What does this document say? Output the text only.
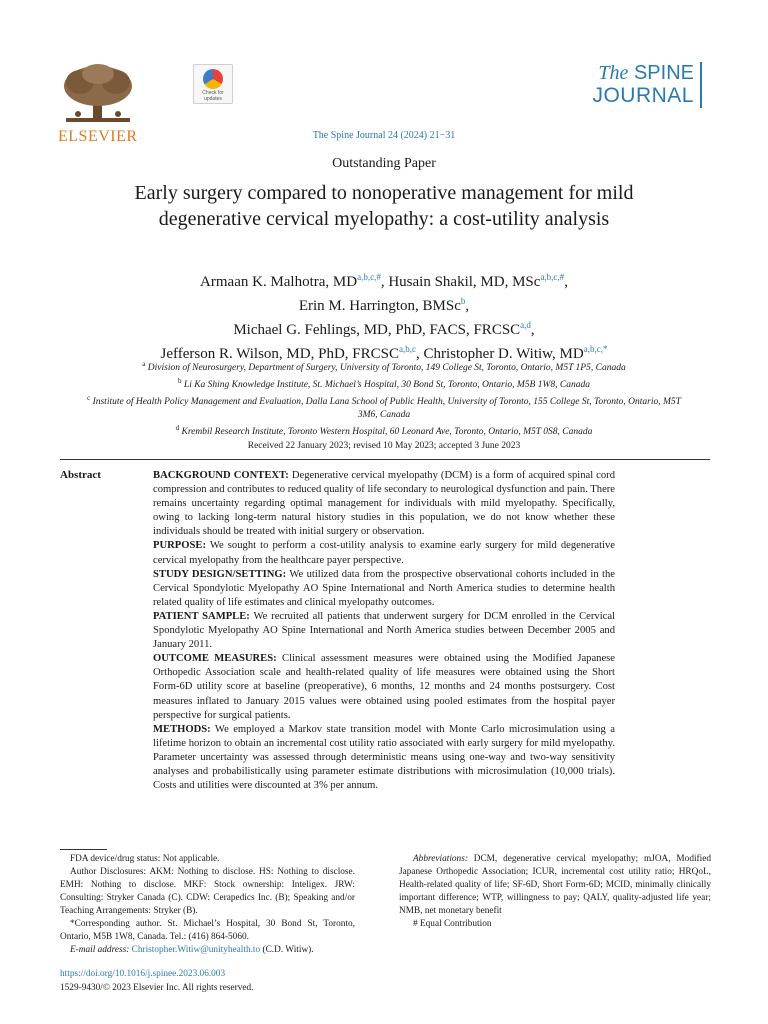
ELSEVIER
Check for updates
The SPINE
JOURNAL
The Spine Journal 24 (2024) 21−31
Outstanding Paper
Early surgery compared to nonoperative management for mild degenerative cervical myelopathy: a cost-utility analysis
Armaan K. Malhotra, $MD^{a,b,c,\#}$, Husain Shakil, MD, MSc$^{a,b,c,\#}$,
Erin M. Harrington, BMSc$^b$,
Michael G. Fehlings, MD, PhD, FACS, FRCSC$^{a,d}$,
Jefferson R. Wilson, MD, PhD, FRCSC$^{a,b,c}$, Christopher D. Witiw, $MD^{a,b,c,*}$
$^a$ Division of Neurosurgery, Department of Surgery, University of Toronto, 149 College St, Toronto, Ontario, M5T 1P5, Canada
$^b$ Li Ka Shing Knowledge Institute, St. Michael’s Hospital, 30 Bond St, Toronto, Ontario, M5B 1W8, Canada
$^c$ Institute of Health Policy Management and Evaluation, Dalla Lana School of Public Health, University of Toronto, 155 College St, Toronto, Ontario, M5T 3M6, Canada
$^d$ Krembil Research Institute, Toronto Western Hospital, 60 Leonard Ave, Toronto, Ontario, M5T 0S8, Canada
Received 22 January 2023; revised 10 May 2023; accepted 3 June 2023
Abstract	BACKGROUND CONTEXT: Degenerative cervical myelopathy (DCM) is a form of acquired spinal cord compression and contributes to reduced quality of life secondary to neurological dysfunction and pain. There remains uncertainty regarding optimal management for individuals with mild myelopathy. Specifically, owing to lacking long-term natural history studies in this population, we do not know whether these individuals should be treated with initial surgery or observation.

PURPOSE: We sought to perform a cost-utility analysis to examine early surgery for mild degenerative cervical myelopathy from the healthcare payer perspective.

STUDY DESIGN/SETTING: We utilized data from the prospective observational cohorts included in the Cervical Spondylotic Myelopathy AO Spine International and North America studies to determine health related quality of life estimates and clinical myelopathy outcomes.

PATIENT SAMPLE: We recruited all patients that underwent surgery for DCM enrolled in the Cervical Spondylotic Myelopathy AO Spine International and North America studies between December 2005 and January 2011.

OUTCOME MEASURES: Clinical assessment measures were obtained using the Modified Japanese Orthopedic Association scale and health-related quality of life measures were obtained using the Short Form-6D utility score at baseline (preoperative), 6 months, 12 months and 24 months postsurgery. Cost measures inflated to January 2015 values were obtained using pooled estimates from the hospital payer perspective for surgical patients.

METHODS: We employed a Markov state transition model with Monte Carlo microsimulation using a lifetime horizon to obtain an incremental cost utility ratio associated with early surgery for mild myelopathy. Parameter uncertainty was assessed through deterministic means using one-way and two-way sensitivity analyses and probabilistically using parameter estimate distributions with microsimulation (10,000 trials). Costs and utilities were discounted at 3% per annum.

FDA device/drug status: Not applicable.

Author Disclosures: AKM: Nothing to disclose. HS: Nothing to disclose. EMH: Nothing to disclose. MKF: Stock ownership: Inteligex. JRW: Consulting: Stryker Canada (C). CDW: Cerapedics Inc. (B); Speaking and/or Teaching Arrangements: Stryker (B).

*Corresponding author. St. Michael’s Hospital, 30 Bond St, Toronto, Ontario, M5B 1W8, Canada. Tel.: (416) 864-5060.

E-mail address: Christopher.Witiw@unityhealth.to (C.D. Witiw).

Abbreviations: DCM, degenerative cervical myelopathy; mJOA, Modified Japanese Orthopedic Association; ICUR, incremental cost utility ratio; HRQoL, Health-related quality of life; SF-6D, Short Form-6D; MCID, minimally clinically important difference; WTP, willingness to pay; QALY, quality-adjusted life year; NMB, net monetary benefit

# Equal Contribution

https://doi.org/10.1016/j.spinee.2023.06.003
1529-9430/© 2023 Elsevier Inc. All rights reserved.
